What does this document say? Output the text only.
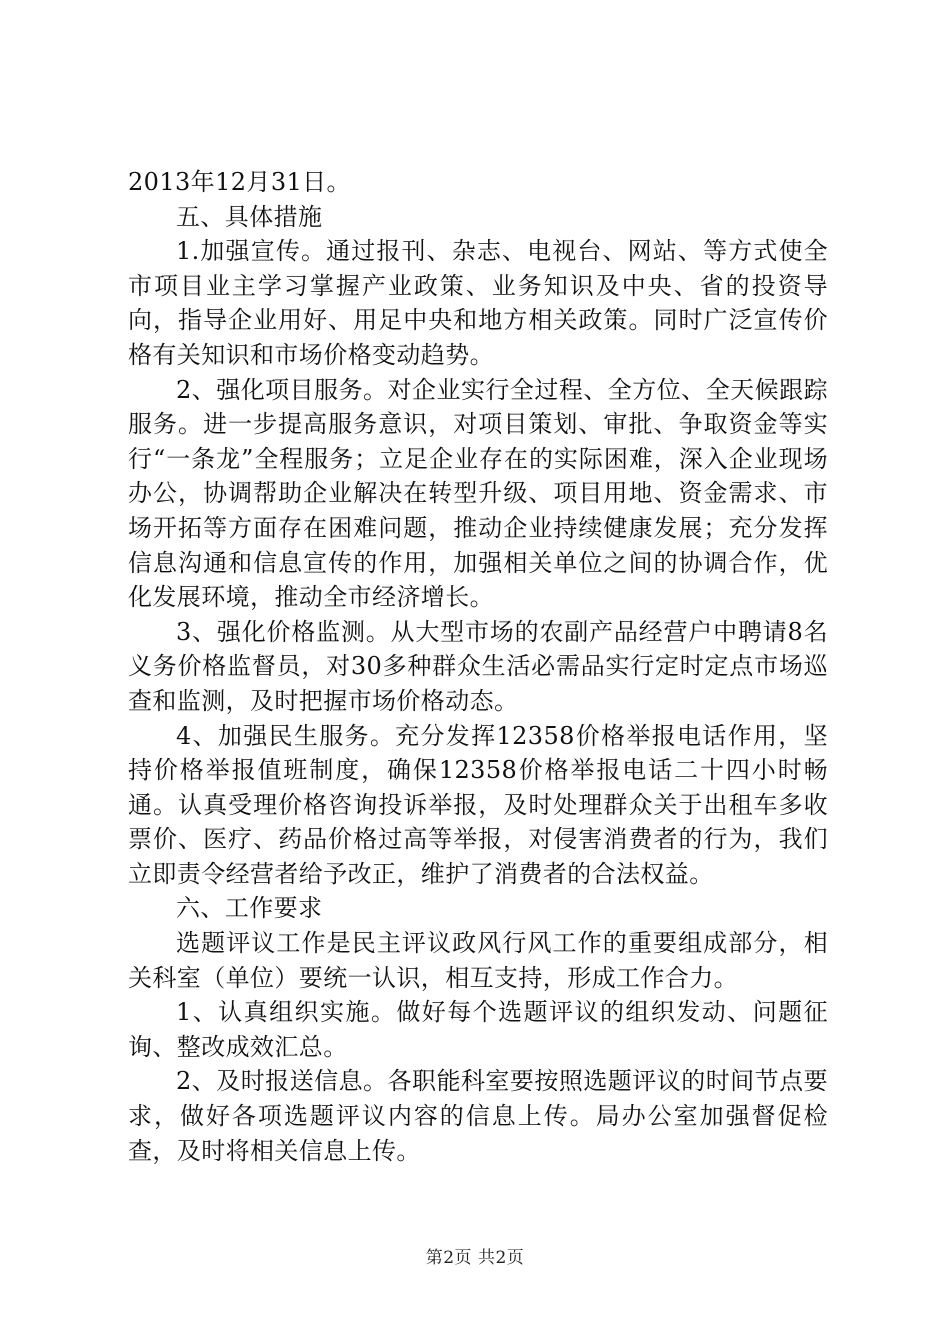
2013年12月31日。

五、具体措施

1.加强宣传。通过报刊、杂志、电视台、网站、等方式使全市项目业主学习掌握产业政策、业务知识及中央、省的投资导向，指导企业用好、用足中央和地方相关政策。同时广泛宣传价格有关知识和市场价格变动趋势。

2、强化项目服务。对企业实行全过程、全方位、全天候跟踪服务。进一步提高服务意识，对项目策划、审批、争取资金等实行“一条龙”全程服务；立足企业存在的实际困难，深入企业现场办公，协调帮助企业解决在转型升级、项目用地、资金需求、市场开拓等方面存在困难问题，推动企业持续健康发展；充分发挥信息沟通和信息宣传的作用，加强相关单位之间的协调合作，优化发展环境，推动全市经济增长。

3、强化价格监测。从大型市场的农副产品经营户中聘请8名义务价格监督员，对30多种群众生活必需品实行定时定点市场巡查和监测，及时把握市场价格动态。

4、加强民生服务。充分发挥12358价格举报电话作用，坚持价格举报值班制度，确保12358价格举报电话二十四小时畅通。认真受理价格咨询投诉举报，及时处理群众关于出租车多收票价、医疗、药品价格过高等举报，对侵害消费者的行为，我们立即责令经营者给予改正，维护了消费者的合法权益。

六、工作要求

选题评议工作是民主评议政风行风工作的重要组成部分，相关科室（单位）要统一认识，相互支持，形成工作合力。

1、认真组织实施。做好每个选题评议的组织发动、问题征询、整改成效汇总。

2、及时报送信息。各职能科室要按照选题评议的时间节点要求，做好各项选题评议内容的信息上传。局办公室加强督促检查，及时将相关信息上传。

第2页 共2页
